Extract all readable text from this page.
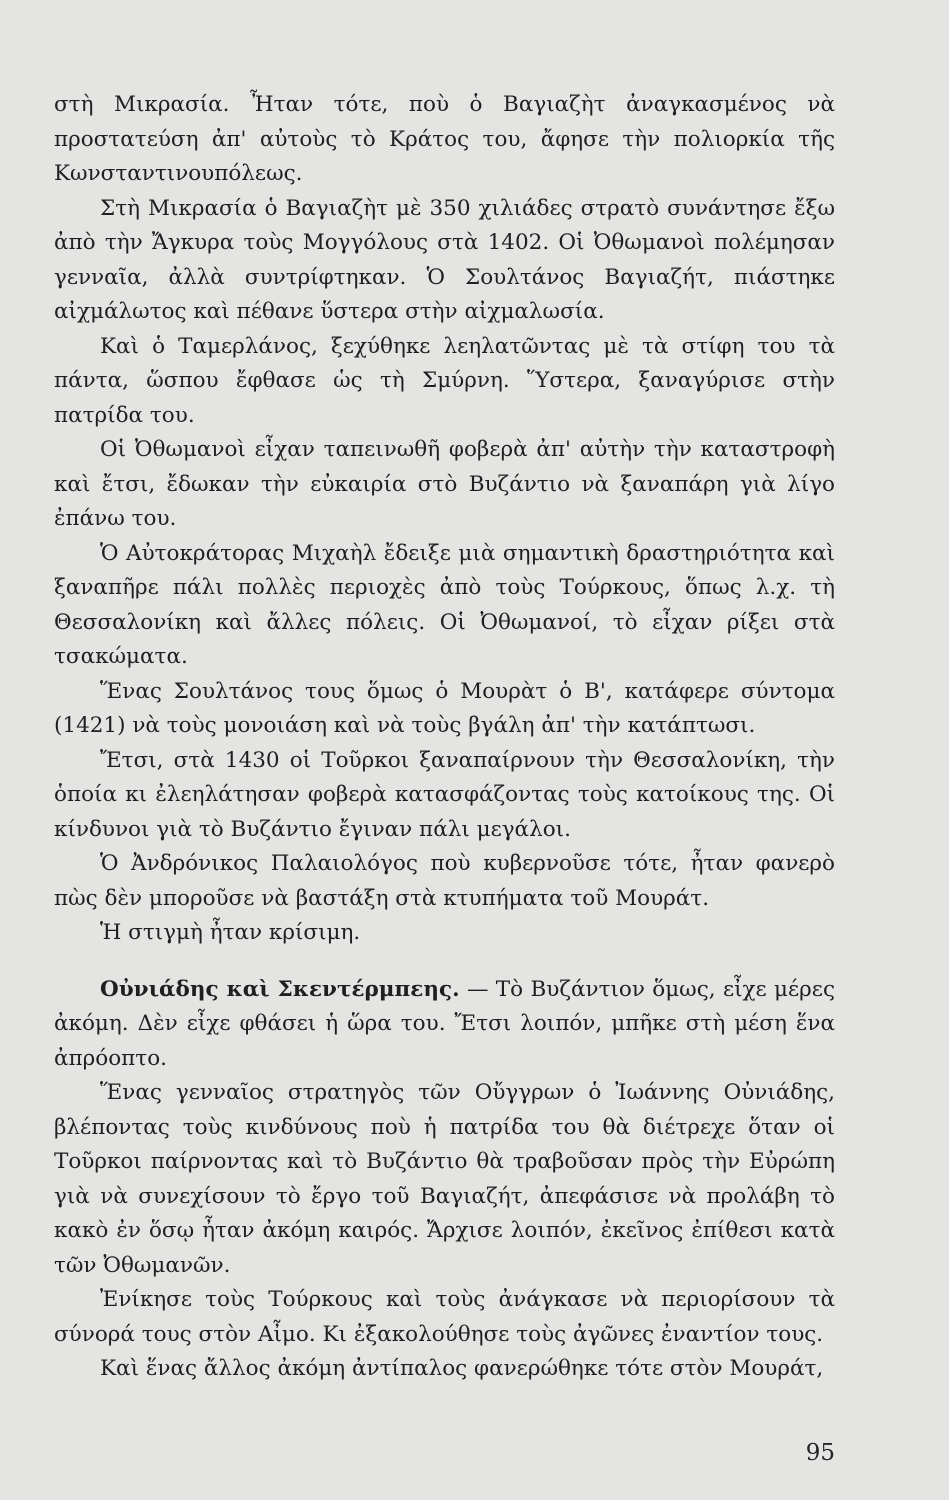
στὴ Μικρασία. Ἦταν τότε, ποὺ ὁ Βαγιαζὴτ ἀναγκασμένος νὰ προστατεύση ἀπ' αὐτοὺς τὸ Κράτος του, ἄφησε τὴν πολιορκία τῆς Κωνσταντινουπόλεως.

Στὴ Μικρασία ὁ Βαγιαζὴτ μὲ 350 χιλιάδες στρατὸ συνάντησε ἔξω ἀπὸ τὴν Ἄγκυρα τοὺς Μογγόλους στὰ 1402. Οἱ Ὀθωμανοὶ πολέμησαν γενναῖα, ἀλλὰ συντρίφτηκαν. Ὁ Σουλτάνος Βαγιαζήτ, πιάστηκε αἰχμάλωτος καὶ πέθανε ὕστερα στὴν αἰχμαλωσία.

Καὶ ὁ Ταμερλάνος, ξεχύθηκε λεηλατῶντας μὲ τὰ στίφη του τὰ πάντα, ὥσπου ἔφθασε ὡς τὴ Σμύρνη. Ὕστερα, ξαναγύρισε στὴν πατρίδα του.

Οἱ Ὀθωμανοὶ εἶχαν ταπεινωθῆ φοβερὰ ἀπ' αὐτὴν τὴν καταστροφὴ καὶ ἔτσι, ἔδωκαν τὴν εὐκαιρία στὸ Βυζάντιο νὰ ξαναπάρη γιὰ λίγο ἐπάνω του.

Ὁ Αὐτοκράτορας Μιχαὴλ ἔδειξε μιὰ σημαντικὴ δραστηριότητα καὶ ξαναπῆρε πάλι πολλὲς περιοχὲς ἀπὸ τοὺς Τούρκους, ὅπως λ.χ. τὴ Θεσσαλονίκη καὶ ἄλλες πόλεις. Οἱ Ὀθωμανοί, τὸ εἶχαν ρίξει στὰ τσακώματα.

Ἕνας Σουλτάνος τους ὅμως ὁ Μουρὰτ ὁ Β', κατάφερε σύντομα (1421) νὰ τοὺς μονοιάση καὶ νὰ τοὺς βγάλη ἀπ' τὴν κατάπτωσι.

Ἔτσι, στὰ 1430 οἱ Τοῦρκοι ξαναπαίρνουν τὴν Θεσσαλονίκη, τὴν ὁποία κι ἐλεηλάτησαν φοβερὰ κατασφάζοντας τοὺς κατοίκους της. Οἱ κίνδυνοι γιὰ τὸ Βυζάντιο ἔγιναν πάλι μεγάλοι.

Ὁ Ἀνδρόνικος Παλαιολόγος ποὺ κυβερνοῦσε τότε, ἦταν φανερὸ πὼς δὲν μποροῦσε νὰ βαστάξη στὰ κτυπήματα τοῦ Μουράτ.

Ἡ στιγμὴ ἦταν κρίσιμη.

Οὐνιάδης καὶ Σκεντέρμπεης. — Τὸ Βυζάντιον ὅμως, εἶχε μέρες ἀκόμη. Δὲν εἶχε φθάσει ἡ ὥρα του. Ἔτσι λοιπόν, μπῆκε στὴ μέση ἕνα ἀπρόοπτο.

Ἕνας γενναῖος στρατηγὸς τῶν Οὔγγρων ὁ Ἰωάννης Οὐνιάδης, βλέποντας τοὺς κινδύνους ποὺ ἡ πατρίδα του θὰ διέτρεχε ὅταν οἱ Τοῦρκοι παίρνοντας καὶ τὸ Βυζάντιο θὰ τραβοῦσαν πρὸς τὴν Εὐρώπη γιὰ νὰ συνεχίσουν τὸ ἔργο τοῦ Βαγιαζήτ, ἀπεφάσισε νὰ προλάβη τὸ κακὸ ἐν ὅσῳ ἦταν ἀκόμη καιρός. Ἄρχισε λοιπόν, ἐκεῖνος ἐπίθεσι κατὰ τῶν Ὀθωμανῶν.

Ἐνίκησε τοὺς Τούρκους καὶ τοὺς ἀνάγκασε νὰ περιορίσουν τὰ σύνορά τους στὸν Αἶμο. Κι ἐξακολούθησε τοὺς ἀγῶνες ἐναντίον τους.

Καὶ ἕνας ἄλλος ἀκόμη ἀντίπαλος φανερώθηκε τότε στὸν Μουράτ,

95
